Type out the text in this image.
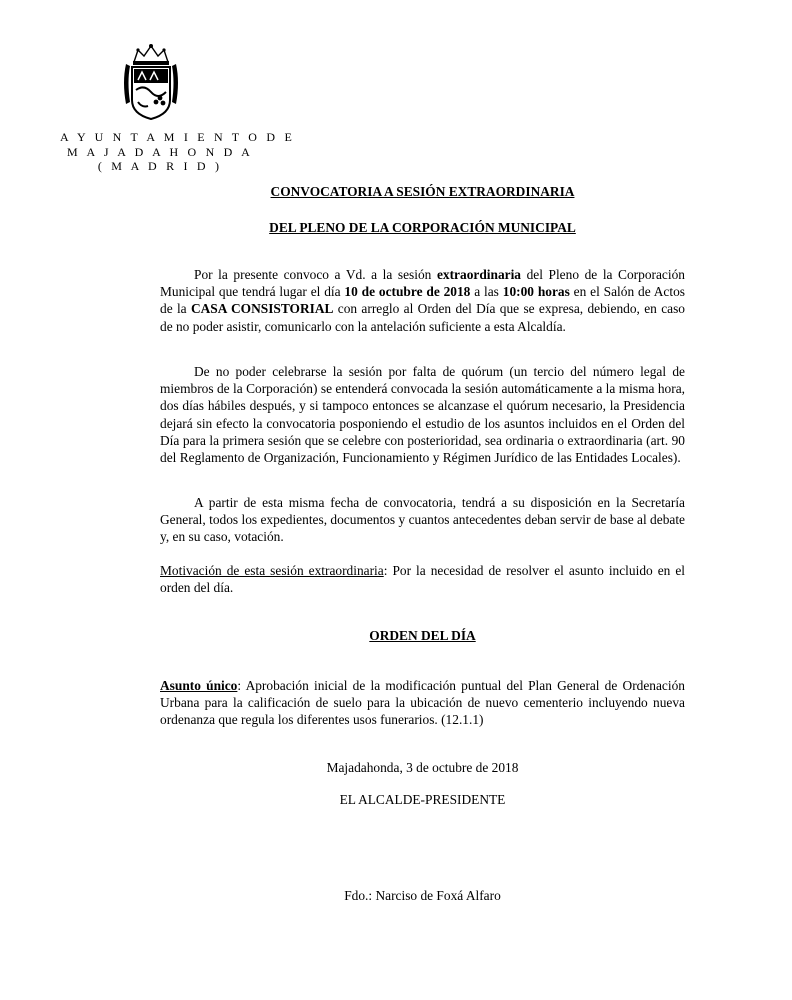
A Y U N T A M I E N T O D E
M A J A D A H O N D A
( M A D R I D )
CONVOCATORIA A SESIÓN EXTRAORDINARIA
DEL PLENO DE LA CORPORACIÓN MUNICIPAL

Por la presente convoco a Vd. a la sesión extraordinaria del Pleno de la Corporación Municipal que tendrá lugar el día 10 de octubre de 2018 a las 10:00 horas en el Salón de Actos de la CASA CONSISTORIAL con arreglo al Orden del Día que se expresa, debiendo, en caso de no poder asistir, comunicarlo con la antelación suficiente a esta Alcaldía.

De no poder celebrarse la sesión por falta de quórum (un tercio del número legal de miembros de la Corporación) se entenderá convocada la sesión automáticamente a la misma hora, dos días hábiles después, y si tampoco entonces se alcanzase el quórum necesario, la Presidencia dejará sin efecto la convocatoria posponiendo el estudio de los asuntos incluidos en el Orden del Día para la primera sesión que se celebre con posterioridad, sea ordinaria o extraordinaria (art. 90 del Reglamento de Organización, Funcionamiento y Régimen Jurídico de las Entidades Locales).

A partir de esta misma fecha de convocatoria, tendrá a su disposición en la Secretaría General, todos los expedientes, documentos y cuantos antecedentes deban servir de base al debate y, en su caso, votación.

Motivación de esta sesión extraordinaria: Por la necesidad de resolver el asunto incluido en el orden del día.

ORDEN DEL DÍA

Asunto único: Aprobación inicial de la modificación puntual del Plan General de Ordenación Urbana para la calificación de suelo para la ubicación de nuevo cementerio incluyendo nueva ordenanza que regula los diferentes usos funerarios. (12.1.1)

Majadahonda, 3 de octubre de 2018
EL ALCALDE-PRESIDENTE
Fdo.: Narciso de Foxá Alfaro
